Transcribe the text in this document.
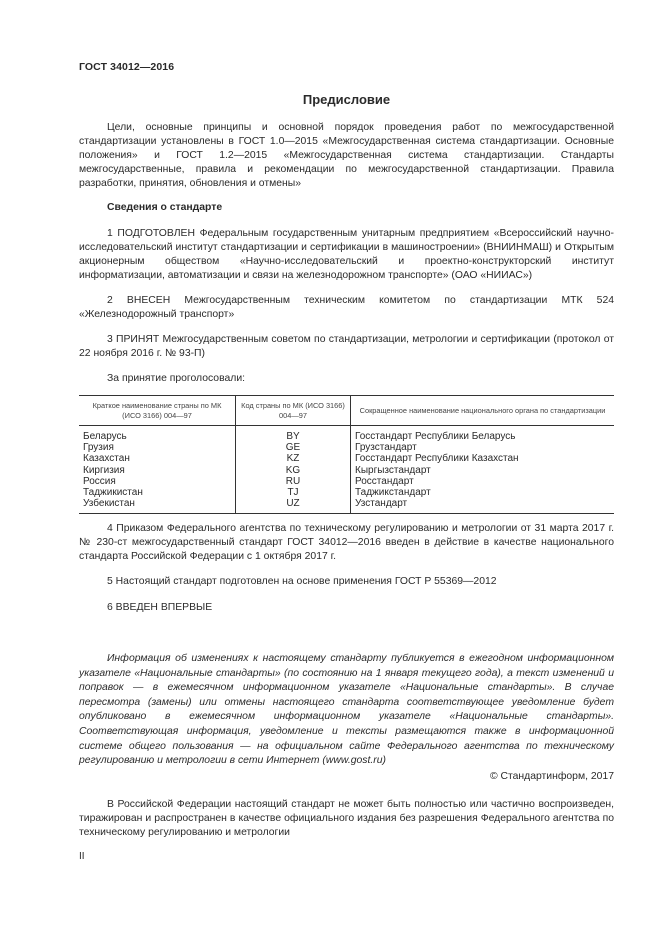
ГОСТ 34012—2016
Предисловие

Цели, основные принципы и основной порядок проведения работ по межгосударственной стандартизации установлены в ГОСТ 1.0—2015 «Межгосударственная система стандартизации. Основные положения» и ГОСТ 1.2—2015 «Межгосударственная система стандартизации. Стандарты межгосударственные, правила и рекомендации по межгосударственной стандартизации. Правила разработки, принятия, обновления и отмены»

Сведения о стандарте

1 ПОДГОТОВЛЕН Федеральным государственным унитарным предприятием «Всероссийский научно-исследовательский институт стандартизации и сертификации в машиностроении» (ВНИИНМАШ) и Открытым акционерным обществом «Научно-исследовательский и проектно-конструкторский институт информатизации, автоматизации и связи на железнодорожном транспорте» (ОАО «НИИАС»)

2 ВНЕСЕН Межгосударственным техническим комитетом по стандартизации МТК 524 «Железнодорожный транспорт»

3 ПРИНЯТ Межгосударственным советом по стандартизации, метрологии и сертификации (протокол от 22 ноября 2016 г. № 93-П)

За принятие проголосовали:
Краткое наименование страны по МК (ИСО 3166) 004—97	Код страны по МК (ИСО 3166) 004—97	Сокращенное наименование национального органа по стандартизации
Беларусь	BY	Госстандарт Республики Беларусь
Грузия	GE	Грузстандарт
Казахстан	KZ	Госстандарт Республики Казахстан
Киргизия	KG	Кыргызстандарт
Россия	RU	Росстандарт
Таджикистан	TJ	Таджикстандарт
Узбекистан	UZ	Узстандарт

4 Приказом Федерального агентства по техническому регулированию и метрологии от 31 марта 2017 г. № 230-ст межгосударственный стандарт ГОСТ 34012—2016 введен в действие в качестве национального стандарта Российской Федерации с 1 октября 2017 г.

5 Настоящий стандарт подготовлен на основе применения ГОСТ Р 55369—2012

6 ВВЕДЕН ВПЕРВЫЕ

Информация об изменениях к настоящему стандарту публикуется в ежегодном информационном указателе «Национальные стандарты» (по состоянию на 1 января текущего года), а текст изменений и поправок — в ежемесячном информационном указателе «Национальные стандарты». В случае пересмотра (замены) или отмены настоящего стандарта соответствующее уведомление будет опубликовано в ежемесячном информационном указателе «Национальные стандарты». Соответствующая информация, уведомление и тексты размещаются также в информационной системе общего пользования — на официальном сайте Федерального агентства по техническому регулированию и метрологии в сети Интернет (www.gost.ru)

© Стандартинформ, 2017

В Российской Федерации настоящий стандарт не может быть полностью или частично воспроизведен, тиражирован и распространен в качестве официального издания без разрешения Федерального агентства по техническому регулированию и метрологии

II
